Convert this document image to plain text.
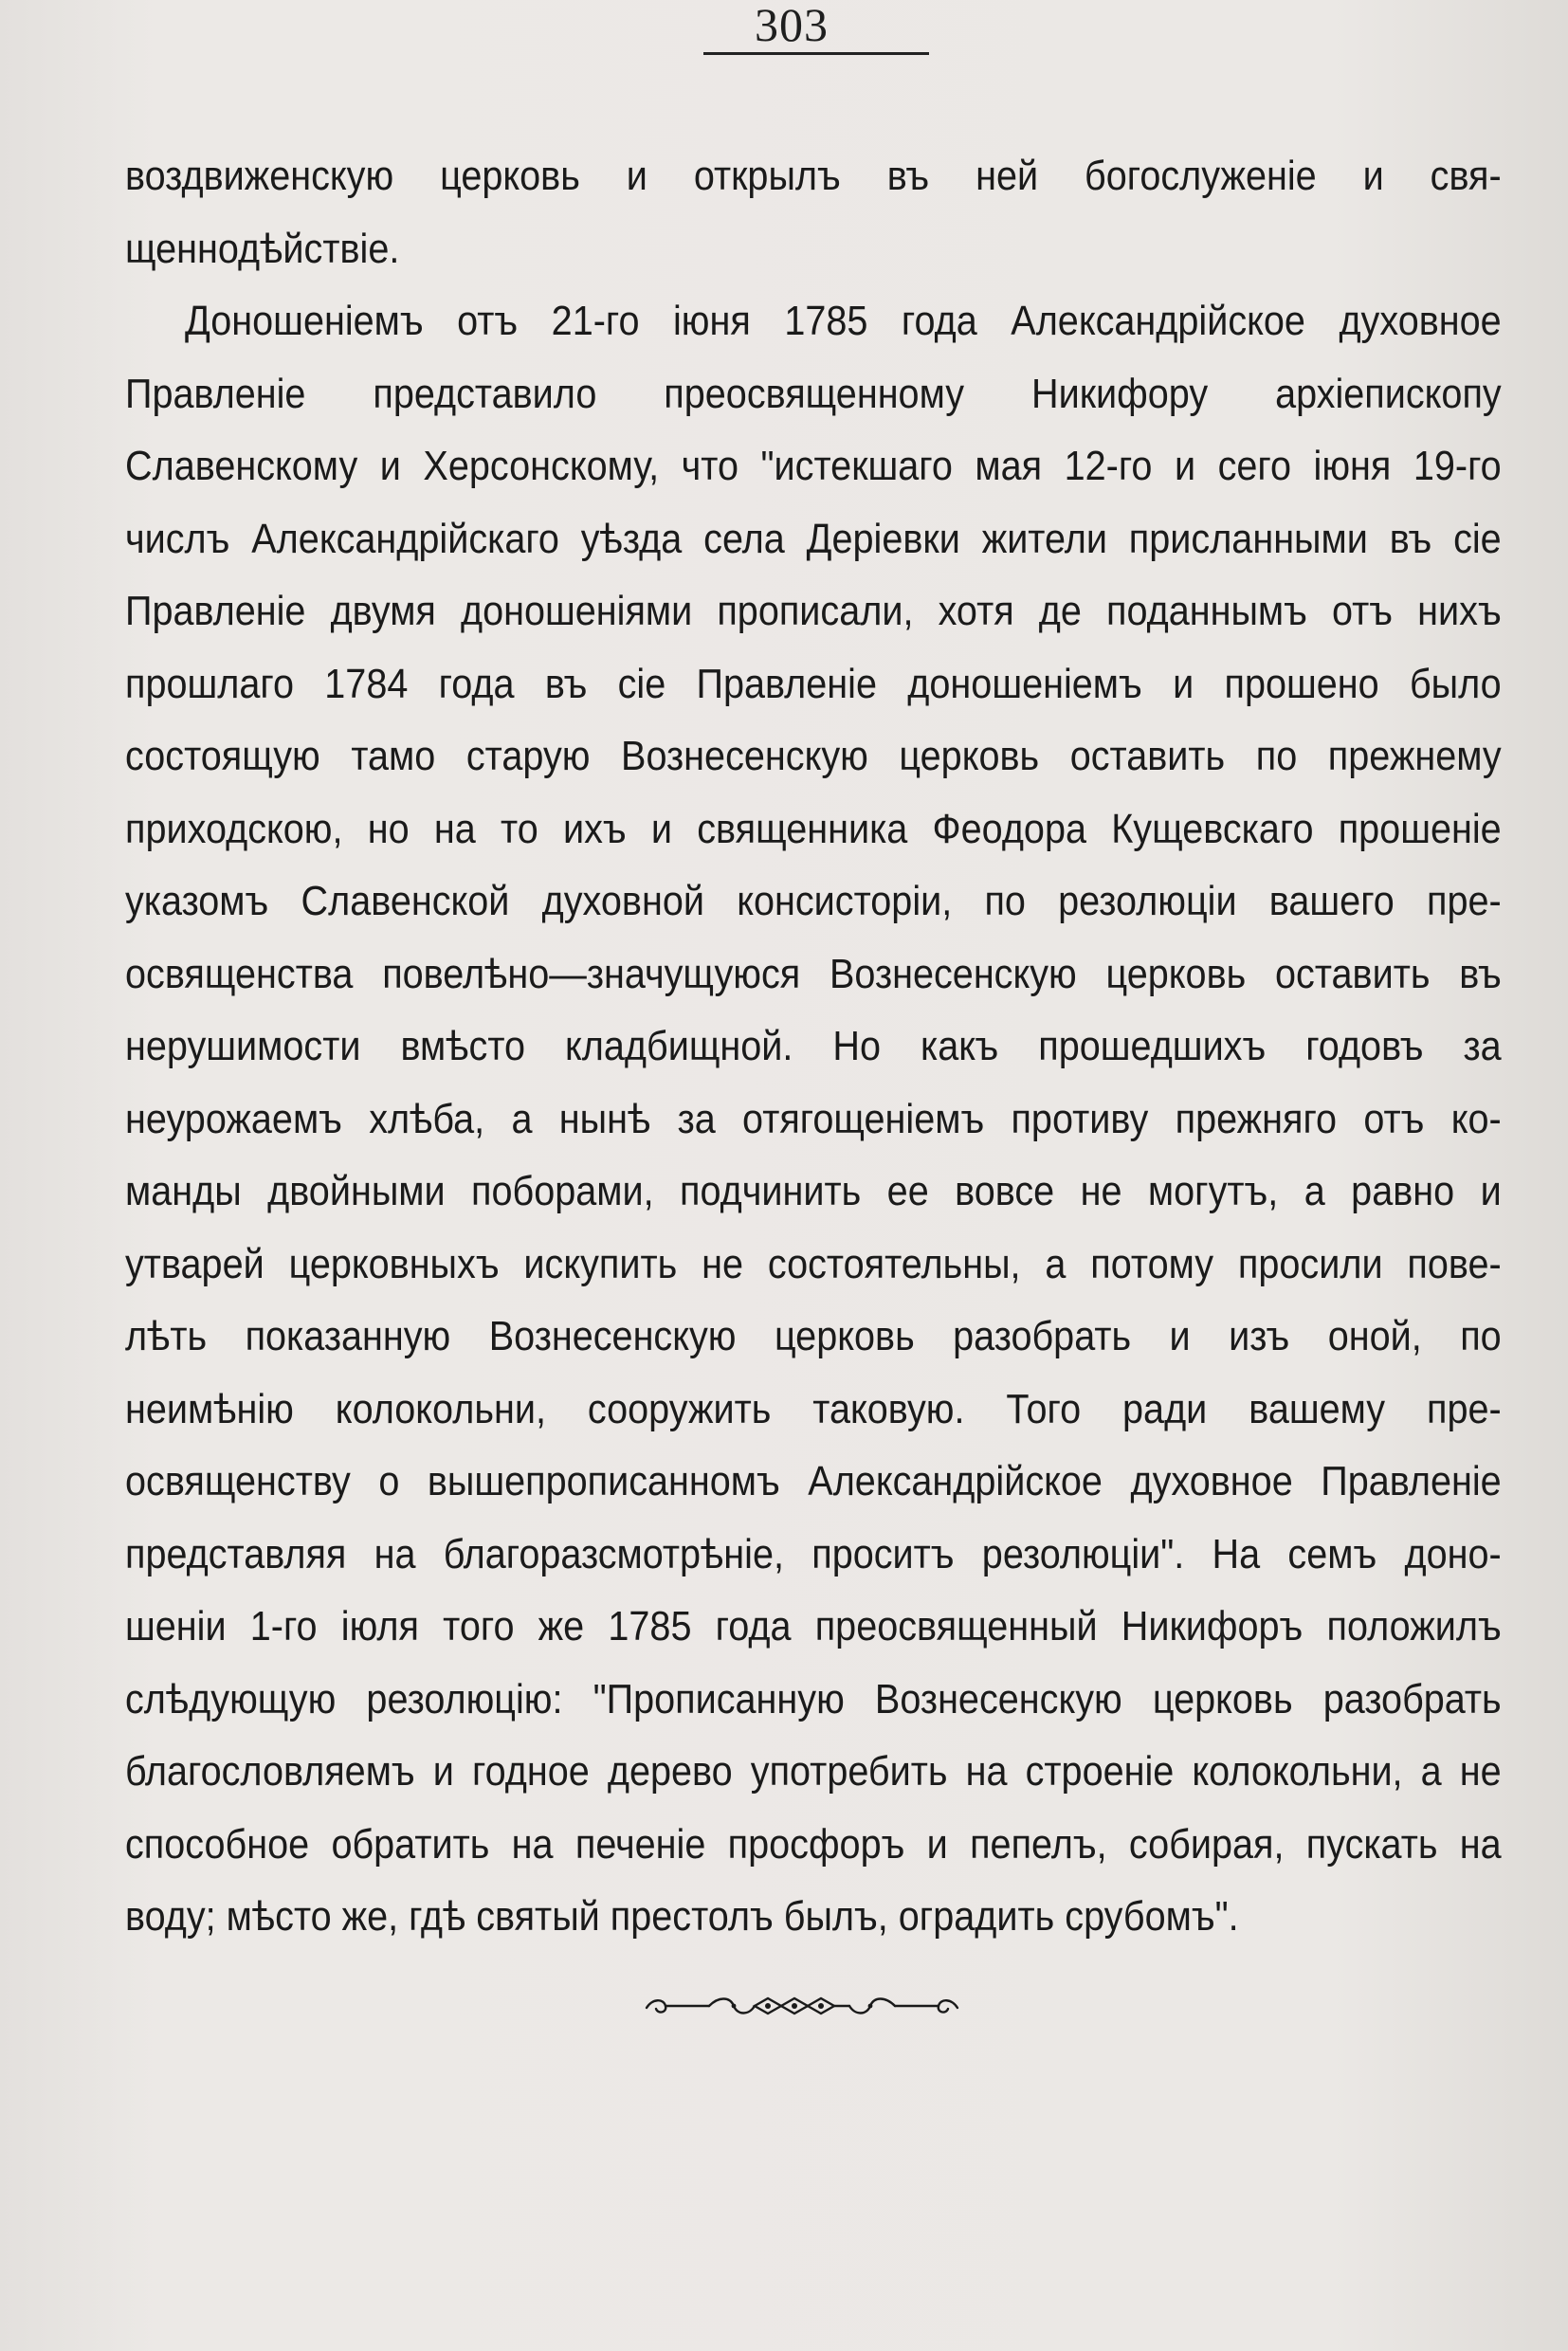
303
воздвиженскую церковь и открылъ въ ней богослуженіе и свя-
щеннодѣйствіе.
Доношеніемъ отъ 21-го іюня 1785 года Александрійское духовное
Правленіе представило преосвященному Никифору архіепископу
Славенскому и Херсонскому, что "истекшаго мая 12-го и сего іюня 19-го
числъ Александрійскаго уѣзда села Деріевки жители присланными въ сіе
Правленіе двумя доношеніями прописали, хотя де поданнымъ отъ нихъ
прошлаго 1784 года въ сіе Правленіе доношеніемъ и прошено было
состоящую тамо старую Вознесенскую церковь оставить по прежнему
приходскою, но на то ихъ и священника Феодора Кущевскаго прошеніе
указомъ Славенской духовной консисторіи, по резолюціи вашего пре-
освященства повелѣно—значущуюся Вознесенскую церковь оставить въ
нерушимости вмѣсто кладбищной. Но какъ прошедшихъ годовъ за
неурожаемъ хлѣба, а нынѣ за отягощеніемъ противу прежняго отъ ко-
манды двойными поборами, подчинить ее вовсе не могутъ, а равно и
утварей церковныхъ искупить не состоятельны, а потому просили пове-
лѣть показанную Вознесенскую церковь разобрать и изъ оной, по
неимѣнію колокольни, сооружить таковую. Того ради вашему пре-
освященству о вышепрописанномъ Александрійское духовное Правленіе
представляя на благоразсмотрѣніе, проситъ резолюціи". На семъ доно-
шеніи 1-го іюля того же 1785 года преосвященный Никифоръ положилъ
слѣдующую резолюцію: "Прописанную Вознесенскую церковь разобрать
благословляемъ и годное дерево употребить на строеніе колокольни, а не
способное обратить на печеніе просфоръ и пепелъ, собирая, пускать на
воду; мѣсто же, гдѣ святый престолъ былъ, оградить срубомъ".
